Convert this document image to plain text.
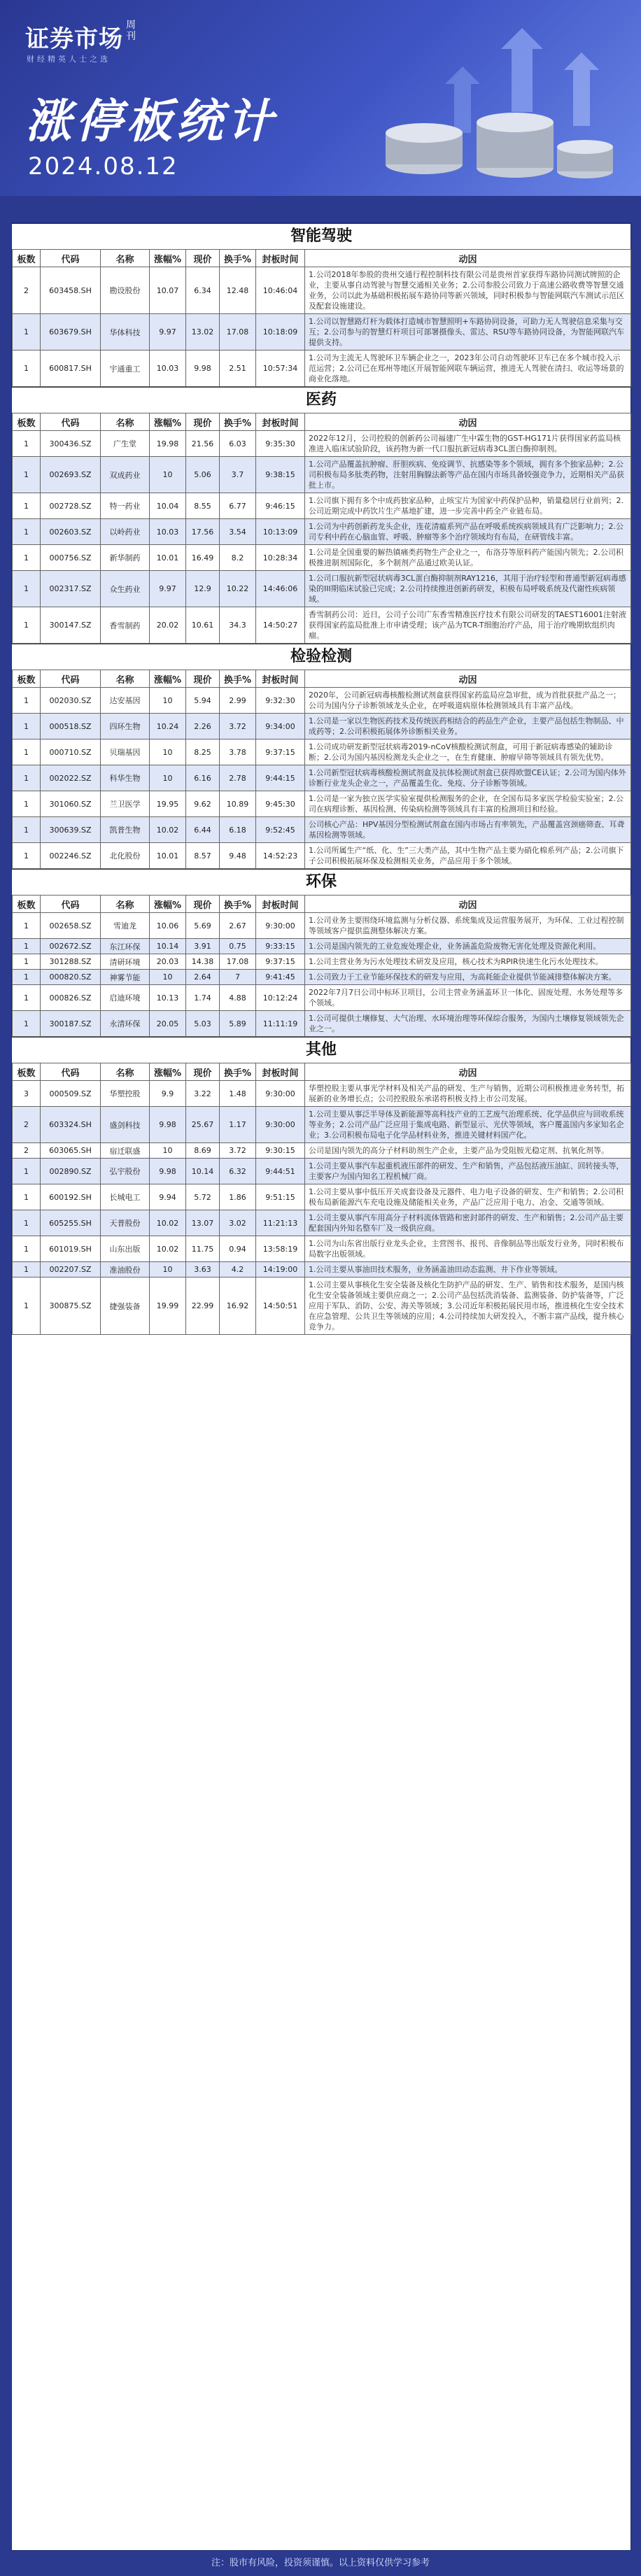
证券市场 周刊
财经精英人士之选
涨停板统计
2024.08.12
智能驾驶
板数	代码	名称	涨幅%	现价	换手%	封板时间	动因
2	603458.SH	勘设股份	10.07	6.34	12.48	10:46:04	1.公司2018年参股的贵州交通行程控制科技有限公司是贵州首家获得车路协同测试牌照的企业，主要从事自动驾驶与智慧交通相关业务；2.公司参股公司致力于高速公路收费等智慧交通业务，公司以此为基础积极拓展车路协同等新兴领域，同时积极参与智能网联汽车测试示范区及配套设施建设。
1	603679.SH	华体科技	9.97	13.02	17.08	10:18:09	1.公司以智慧路灯杆为载体打造城市智慧照明+车路协同设备，可助力无人驾驶信息采集与交互；2.公司参与的智慧灯杆项目可部署摄像头、雷达、RSU等车路协同设备，为智能网联汽车提供支持。
1	600817.SH	宇通重工	10.03	9.98	2.51	10:57:34	1.公司为主流无人驾驶环卫车辆企业之一，2023年公司自动驾驶环卫车已在多个城市投入示范运营；2.公司已在郑州等地区开展智能网联车辆运营，推进无人驾驶在清扫、收运等场景的商业化落地。
医药
板数	代码	名称	涨幅%	现价	换手%	封板时间	动因
1	300436.SZ	广生堂	19.98	21.56	6.03	9:35:30	2022年12月，公司控股的创新药公司福建广生中霖生物的GST-HG171片获得国家药监局核准进入临床试验阶段，该药物为新一代口服抗新冠病毒3CL蛋白酶抑制剂。
1	002693.SZ	双成药业	10	5.06	3.7	9:38:15	1.公司产品覆盖抗肿瘤、肝胆疾病、免疫调节、抗感染等多个领域，拥有多个独家品种；2.公司积极布局多肽类药物，注射用胸腺法新等产品在国内市场具备较强竞争力，近期相关产品获批上市。
1	002728.SZ	特一药业	10.04	8.55	6.77	9:46:15	1.公司旗下拥有多个中成药独家品种，止咳宝片为国家中药保护品种，销量稳居行业前列；2.公司近期完成中药饮片生产基地扩建，进一步完善中药全产业链布局。
1	002603.SZ	以岭药业	10.03	17.56	3.54	10:13:09	1.公司为中药创新药龙头企业，连花清瘟系列产品在呼吸系统疾病领域具有广泛影响力；2.公司专利中药在心脑血管、呼吸、肿瘤等多个治疗领域均有布局，在研管线丰富。
1	000756.SZ	新华制药	10.01	16.49	8.2	10:28:34	1.公司是全国重要的解热镇痛类药物生产企业之一，布洛芬等原料药产能国内领先；2.公司积极推进制剂国际化，多个制剂产品通过欧美认证。
1	002317.SZ	众生药业	9.97	12.9	10.22	14:46:06	1.公司口服抗新型冠状病毒3CL蛋白酶抑制剂RAY1216，其用于治疗轻型和普通型新冠病毒感染的III期临床试验已完成；2.公司持续推进创新药研发，积极布局呼吸系统及代谢性疾病领域。
1	300147.SZ	香雪制药	20.02	10.61	34.3	14:50:27	香雪制药公司：近日，公司子公司广东香雪精准医疗技术有限公司研发的TAEST16001注射液获得国家药监局批准上市申请受理；该产品为TCR-T细胞治疗产品，用于治疗晚期软组织肉瘤。
检验检测
板数	代码	名称	涨幅%	现价	换手%	封板时间	动因
1	002030.SZ	达安基因	10	5.94	2.99	9:32:30	2020年，公司新冠病毒核酸检测试剂盒获得国家药监局应急审批，成为首批获批产品之一；公司为国内分子诊断领域龙头企业，在呼吸道病原体检测领域具有丰富产品线。
1	000518.SZ	四环生物	10.24	2.26	3.72	9:34:00	1.公司是一家以生物医药技术及传统医药相结合的药品生产企业，主要产品包括生物制品、中成药等；2.公司积极拓展体外诊断相关业务。
1	000710.SZ	贝瑞基因	10	8.25	3.78	9:37:15	1.公司成功研发新型冠状病毒2019-nCoV核酸检测试剂盒，可用于新冠病毒感染的辅助诊断；2.公司为国内基因检测龙头企业之一，在生育健康、肿瘤早筛等领域具有领先优势。
1	002022.SZ	科华生物	10	6.16	2.78	9:44:15	1.公司新型冠状病毒核酸检测试剂盒及抗体检测试剂盒已获得欧盟CE认证；2.公司为国内体外诊断行业龙头企业之一，产品覆盖生化、免疫、分子诊断等领域。
1	301060.SZ	兰卫医学	19.95	9.62	10.89	9:45:30	1.公司是一家为独立医学实验室提供检测服务的企业，在全国布局多家医学检验实验室；2.公司在病理诊断、基因检测、传染病检测等领域具有丰富的检测项目和经验。
1	300639.SZ	凯普生物	10.02	6.44	6.18	9:52:45	公司核心产品：HPV基因分型检测试剂盒在国内市场占有率领先，产品覆盖宫颈癌筛查、耳聋基因检测等领域。
1	002246.SZ	北化股份	10.01	8.57	9.48	14:52:23	1.公司所属生产“纸、化、生”三大类产品，其中生物产品主要为硝化棉系列产品；2.公司旗下子公司积极拓展环保及检测相关业务，产品应用于多个领域。
环保
板数	代码	名称	涨幅%	现价	换手%	封板时间	动因
1	002658.SZ	雪迪龙	10.06	5.69	2.67	9:30:00	1.公司业务主要围绕环境监测与分析仪器、系统集成及运营服务展开，为环保、工业过程控制等领域客户提供监测整体解决方案。
1	002672.SZ	东江环保	10.14	3.91	0.75	9:33:15	1.公司是国内领先的工业危废处理企业，业务涵盖危险废物无害化处理及资源化利用。
1	301288.SZ	清研环境	20.03	14.38	17.08	9:37:15	1.公司主营业务为污水处理技术研发及应用，核心技术为RPIR快速生化污水处理技术。
1	000820.SZ	神雾节能	10	2.64	7	9:41:45	1.公司致力于工业节能环保技术的研发与应用，为高耗能企业提供节能减排整体解决方案。
1	000826.SZ	启迪环境	10.13	1.74	4.88	10:12:24	2022年7月7日公司中标环卫项目，公司主营业务涵盖环卫一体化、固废处理、水务处理等多个领域。
1	300187.SZ	永清环保	20.05	5.03	5.89	11:11:19	1.公司可提供土壤修复、大气治理、水环境治理等环保综合服务，为国内土壤修复领域领先企业之一。
其他
板数	代码	名称	涨幅%	现价	换手%	封板时间	动因
3	000509.SZ	华塑控股	9.9	3.22	1.48	9:30:00	华塑控股主要从事光学材料及相关产品的研发、生产与销售，近期公司积极推进业务转型，拓展新的业务增长点；公司控股股东承诺将积极支持上市公司发展。
2	603324.SH	盛剑科技	9.98	25.67	1.17	9:30:00	1.公司主要从事泛半导体及新能源等高科技产业的工艺废气治理系统、化学品供应与回收系统等业务；2.公司产品广泛应用于集成电路、新型显示、光伏等领域，客户覆盖国内多家知名企业；3.公司积极布局电子化学品材料业务，推进关键材料国产化。
2	603065.SH	宿迁联盛	10	8.69	3.72	9:30:15	公司是国内领先的高分子材料助剂生产企业，主要产品为受阻胺光稳定剂、抗氧化剂等。
1	002890.SZ	弘宇股份	9.98	10.14	6.32	9:44:51	1.公司主要从事汽车起重机液压部件的研发、生产和销售，产品包括液压油缸、回转接头等，主要客户为国内知名工程机械厂商。
1	600192.SH	长城电工	9.94	5.72	1.86	9:51:15	1.公司主要从事中低压开关成套设备及元器件、电力电子设备的研发、生产和销售；2.公司积极布局新能源汽车充电设施及储能相关业务，产品广泛应用于电力、冶金、交通等领域。
1	605255.SH	天普股份	10.02	13.07	3.02	11:21:13	1.公司主要从事汽车用高分子材料流体管路和密封部件的研发、生产和销售；2.公司产品主要配套国内外知名整车厂及一级供应商。
1	601019.SH	山东出版	10.02	11.75	0.94	13:58:19	1.公司为山东省出版行业龙头企业，主营图书、报刊、音像制品等出版发行业务，同时积极布局数字出版领域。
1	002207.SZ	准油股份	10	3.63	4.2	14:19:00	1.公司主要从事油田技术服务，业务涵盖油田动态监测、井下作业等领域。
1	300875.SZ	捷强装备	19.99	22.99	16.92	14:50:51	1.公司主要从事核化生安全装备及核化生防护产品的研发、生产、销售和技术服务，是国内核化生安全装备领域主要供应商之一；2.公司产品包括洗消装备、监测装备、防护装备等，广泛应用于军队、消防、公安、海关等领域；3.公司近年积极拓展民用市场，推进核化生安全技术在应急管理、公共卫生等领域的应用；4.公司持续加大研发投入，不断丰富产品线，提升核心竞争力。
注：股市有风险，投资须谨慎。以上资料仅供学习参考
